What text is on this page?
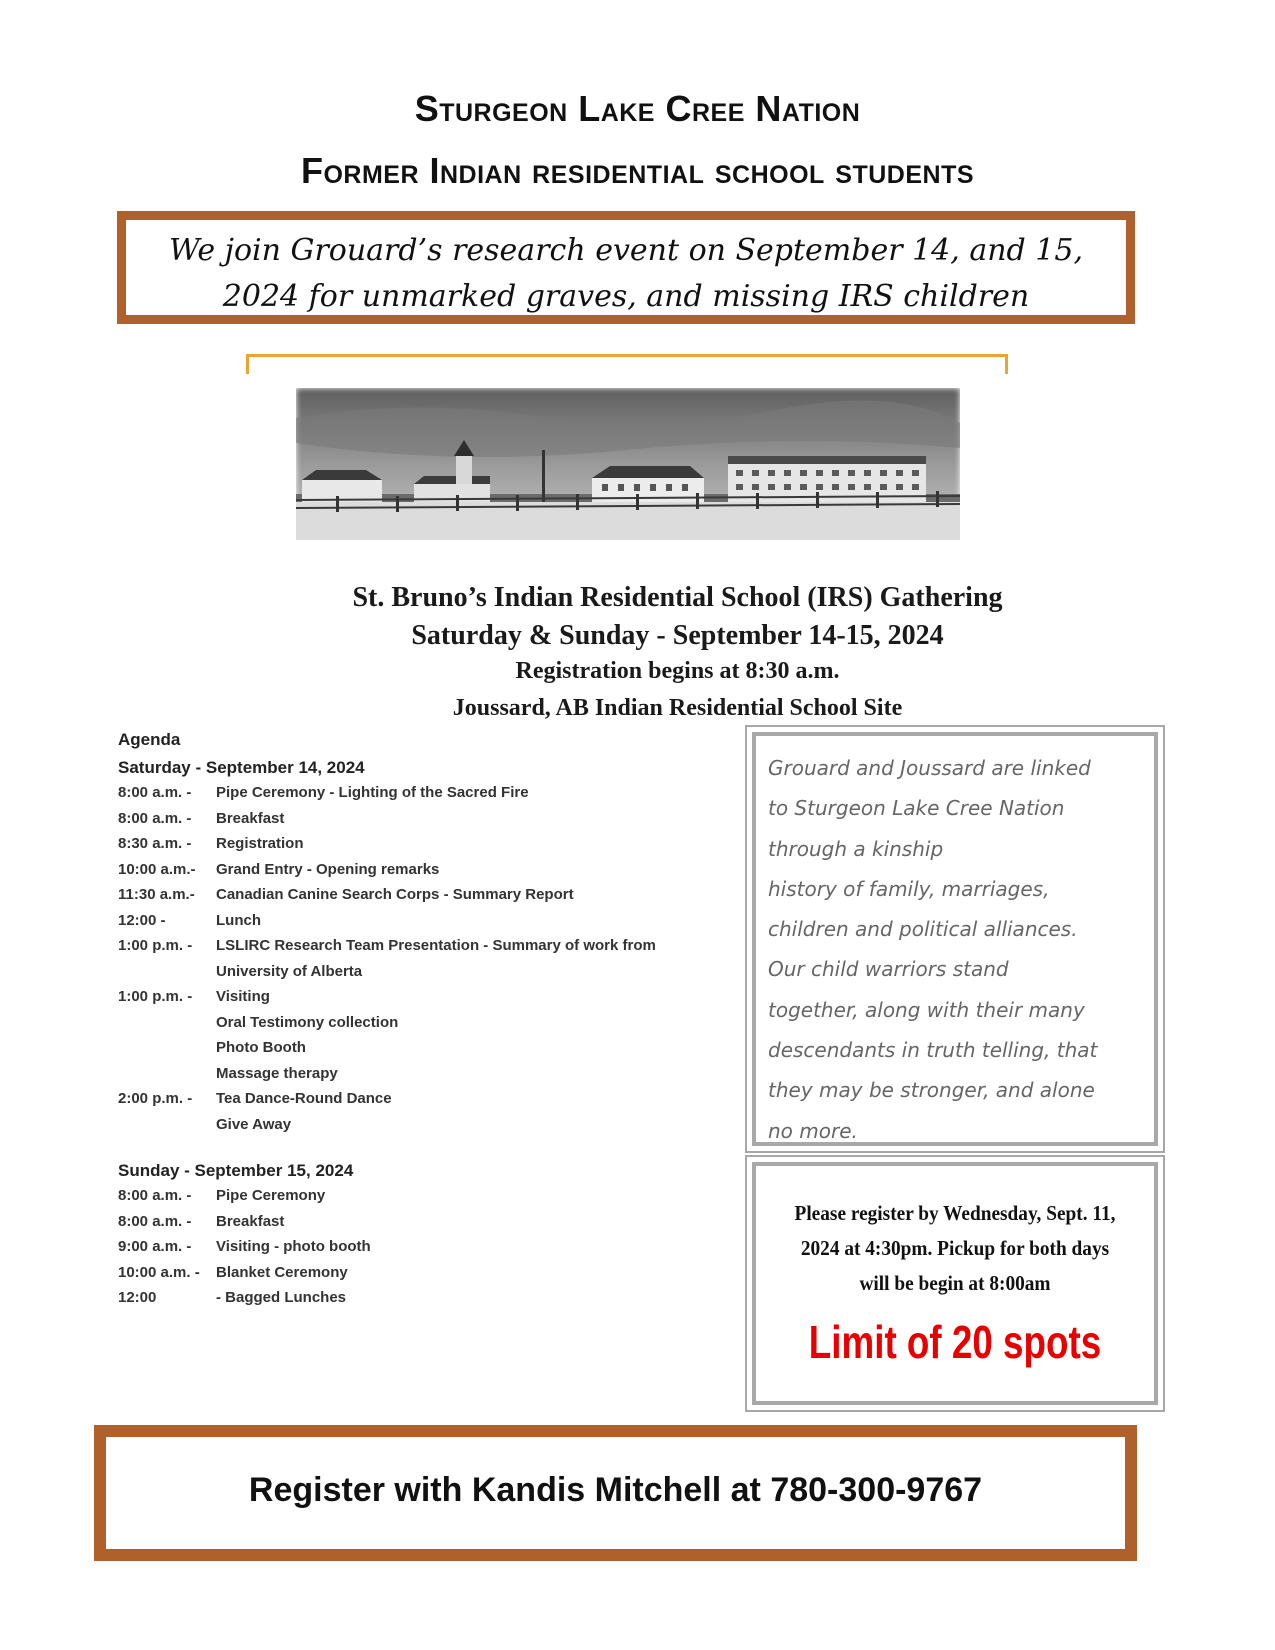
Sturgeon Lake Cree Nation
Former Indian residential school students
We join Grouard’s research event on September 14, and 15,
2024 for unmarked graves, and missing IRS children
St. Bruno’s Indian Residential School (IRS) Gathering
Saturday & Sunday - September 14-15, 2024
Registration begins at 8:30 a.m.
Joussard, AB Indian Residential School Site
Agenda
Saturday - September 14, 2024
8:00 a.m. -	Pipe Ceremony - Lighting of the Sacred Fire
8:00 a.m. -	Breakfast
8:30 a.m. -	Registration
10:00 a.m.-	Grand Entry - Opening remarks
11:30 a.m.-	Canadian Canine Search Corps - Summary Report
12:00 -	Lunch
1:00 p.m. -	LSLIRC Research Team Presentation - Summary of work from
University of Alberta
1:00 p.m. -	Visiting
Oral Testimony collection
Photo Booth
Massage therapy
2:00 p.m. -	Tea Dance-Round Dance
Give Away
Sunday - September 15, 2024
8:00 a.m. -	Pipe Ceremony
8:00 a.m. -	Breakfast
9:00 a.m. -	Visiting - photo booth
10:00 a.m. -	Blanket Ceremony
12:00	- Bagged Lunches
Grouard and Joussard are linked
to Sturgeon Lake Cree Nation
through a kinship
history of family, marriages,
children and political alliances.
Our child warriors stand
together, along with their many
descendants in truth telling, that
they may be stronger, and alone
no more.
Please register by Wednesday, Sept. 11,
2024 at 4:30pm. Pickup for both days
will be begin at 8:00am
Limit of 20 spots
Register with Kandis Mitchell at 780-300-9767
